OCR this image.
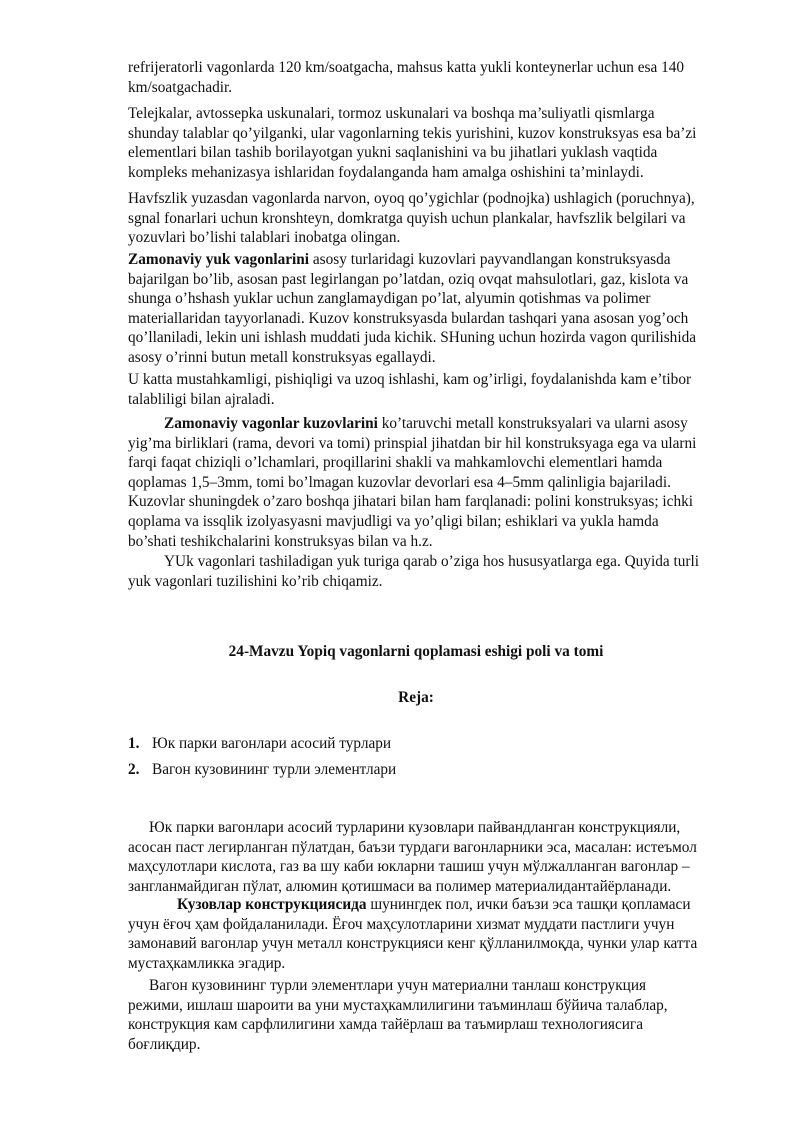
refrijeratorli vagonlarda 120 km/soatgacha, mahsus katta yukli konteynerlar uchun esa 140 km/soatgachadir.

Telejkalar, avtossepka uskunalari, tormoz uskunalari va boshqa ma’suliyatli qismlarga shunday talablar qo’yilganki, ular vagonlarning tekis yurishini, kuzov konstruksyas esa ba’zi elementlari bilan tashib borilayotgan yukni saqlanishini va bu jihatlari yuklash vaqtida kompleks mehanizasya ishlaridan foydalanganda ham amalga oshishini ta’minlaydi.

Havfszlik yuzasdan vagonlarda narvon, oyoq qo’ygichlar (podnojka) ushlagich (poruchnya), sgnal fonarlari uchun kronshteyn, domkratga quyish uchun plankalar, havfszlik belgilari va yozuvlari bo’lishi talablari inobatga olingan.

Zamonaviy yuk vagonlarini asosy turlaridagi kuzovlari payvandlangan konstruksyasda bajarilgan bo’lib, asosan past legirlangan po’latdan, oziq ovqat mahsulotlari, gaz, kislota va shunga o’hshash yuklar uchun zanglamaydigan po’lat, alyumin qotishmas va polimer materiallaridan tayyorlanadi. Kuzov konstruksyasda bulardan tashqari yana asosan yog’och qo’llaniladi, lekin uni ishlash muddati juda kichik. SHuning uchun hozirda vagon qurilishida asosy o’rinni butun metall konstruksyas egallaydi.

U katta mustahkamligi, pishiqligi va uzoq ishlashi, kam og’irligi, foydalanishda kam e’tibor talabliligi bilan ajraladi.

Zamonaviy vagonlar kuzovlarini ko’taruvchi metall konstruksyalari va ularni asosy yig’ma birliklari (rama, devori va tomi) prinspial jihatdan bir hil konstruksyaga ega va ularni farqi faqat chiziqli o’lchamlari, proqillarini shakli va mahkamlovchi elementlari hamda qoplamas 1,5–3mm, tomi bo’lmagan kuzovlar devorlari esa 4–5mm qalinligia bajariladi. Kuzovlar shuningdek o’zaro boshqa jihatari bilan ham farqlanadi: polini konstruksyas; ichki qoplama va issqlik izolyasyasni mavjudligi va yo’qligi bilan; eshiklari va yukla hamda bo’shati teshikchalarini konstruksyas bilan va h.z.

YUk vagonlari tashiladigan yuk turiga qarab o’ziga hos hususyatlarga ega. Quyida turli yuk vagonlari tuzilishini ko’rib chiqamiz.

24-Mavzu Yopiq vagonlarni qoplamasi eshigi poli va tomi

Reja:

1. Юк парки вагонлари асосий турлари

2. Вагон кузовининг турли элементлари

Юк парки вагонлари асосий турларини кузовлари пайвандланган конструкцияли, асосан паст легирланган пўлатдан, баъзи турдаги вагонларники эса, масалан: истеъмол маҳсулотлари кислота, газ ва шу каби юкларни ташиш учун мўлжалланган вагонлар – зангланмайдиган пўлат, алюмин қотишмаси ва полимер материалидантайёрланади.

Кузовлар конструкциясида шунингдек пол, ички баъзи эса ташқи қопламаси учун ёғоч ҳам фойдаланилади. Ёғоч маҳсулотларини хизмат муддати пастлиги учун замонавий вагонлар учун металл конструкцияси кенг қўлланилмоқда, чунки улар катта мустаҳкамликка эгадир.

Вагон кузовининг турли элементлари учун материални танлаш конструкция режими, ишлаш шароити ва уни мустаҳкамлилигини таъминлаш бўйича талаблар, конструкция кам сарфлилигини хамда тайёрлаш ва таъмирлаш технологиясига боғлиқдир.
